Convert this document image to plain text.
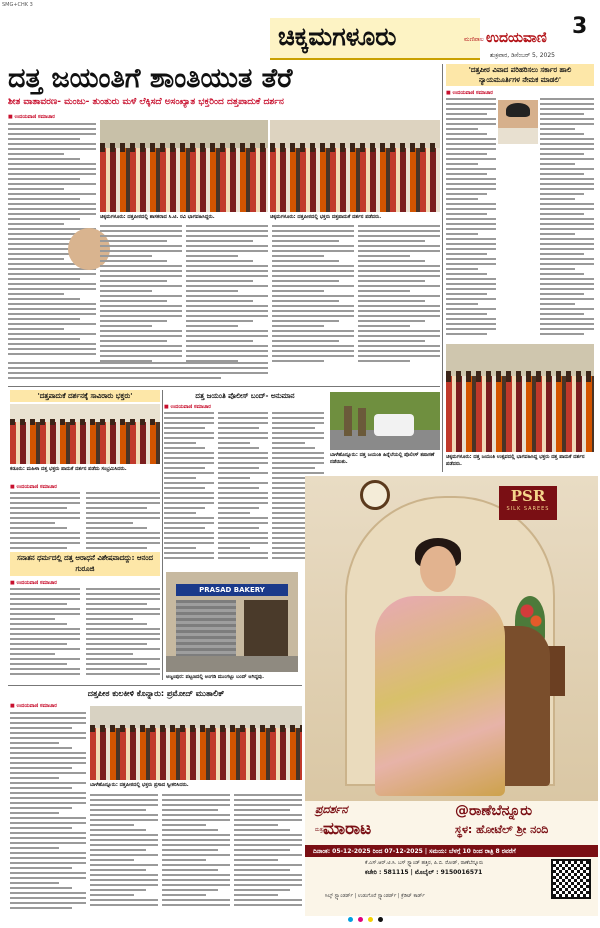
SMG+CHK 3
ಚಿಕ್ಕಮಗಳೂರು	ಮಣಿಪಾಲ ಉದಯವಾಣಿ 3
ಶುಕ್ರವಾರ, ಡಿಸೆಂಬರ್ 5, 2025
ದತ್ತ ಜಯಂತಿಗೆ ಶಾಂತಿಯುತ ತೆರೆ
ಶೀತ ವಾತಾವರಣ- ಮಂಜು- ತುಂತುರು ಮಳೆ ಲೆಕ್ಕಿಸದೆ ಅಸಂಖ್ಯಾತ ಭಕ್ತರಿಂದ ದತ್ತಪಾದುಕೆ ದರ್ಶನ
■ ಉದಯವಾಣಿ ಸಮಾಚಾರ
ಚಿಕ್ಕಮಗಳೂರು: ದತ್ತಪೀಠದಲ್ಲಿ ಶಾಸಕರಾದ ಸಿ.ಟಿ. ರವಿ ಭಾಗವಹಿಸಿದ್ದರು.	ಚಿಕ್ಕಮಗಳೂರು: ದತ್ತಪೀಠದಲ್ಲಿ ಭಕ್ತರು ದತ್ತಪಾದುಕೆ ದರ್ಶನ ಪಡೆದರು.
'ದತ್ತಪೀಠ ವಿವಾದ ಪರಿಹರಿಸಲು ಸರ್ಕಾರ ಹಾಲಿ ನ್ಯಾಯಮೂರ್ತಿಗಳ ನೇಮಕ ಮಾಡಲಿ'
■ ಉದಯವಾಣಿ ಸಮಾಚಾರ
ಚಿಕ್ಕಮಗಳೂರು: ದತ್ತ ಜಯಂತಿ ಉತ್ಸವದಲ್ಲಿ ಭಾಗವಹಿಸಿದ್ದ ಭಕ್ತರು ದತ್ತ ಪಾದುಕೆ ದರ್ಶನ ಪಡೆದರು.
'ದತ್ತಪಾದುಕೆ ದರ್ಶನಕ್ಕೆ ಸಾವಿರಾರು ಭಕ್ತರು'
ಕಡೂರು: ಮಹಿಳಾ ದತ್ತ ಭಕ್ತರು ಪಾದುಕೆ ದರ್ಶನ ಪಡೆದು ಸಂಭ್ರಮಿಸಿದರು.
■ ಉದಯವಾಣಿ ಸಮಾಚಾರ
ದತ್ತ ಜಯಂತಿ ಪೊಲೀಸ್ ಬಂದ್- ಅನುಮಾನ
■ ಉದಯವಾಣಿ ಸಮಾಚಾರ
ಬಾಳೆಹೊನ್ನೂರು: ದತ್ತ ಜಯಂತಿ ಹಿನ್ನೆಲೆಯಲ್ಲಿ ಪೊಲೀಸ್ ತಪಾಸಣೆ ನಡೆಯಿತು.
ಸನಾತನ ಧರ್ಮದಲ್ಲಿ ದತ್ತ ಆರಾಧನೆ ವಿಶೇಷವಾದದ್ದು: ಆನಂದ ಗುರೂಜಿ
■ ಉದಯವಾಣಿ ಸಮಾಚಾರ
PRASAD BAKERY
ಅಜ್ಜಂಪುರ: ಪಟ್ಟಣದಲ್ಲಿ ಅಂಗಡಿ ಮುಂಗಟ್ಟು ಬಂದ್ ಆಗಿದ್ದವು.
ದತ್ತಪೀಠ ಕುಲಕೀಳಿ ಕೊನ್ನಾರು: ಪ್ರಮೋದ್ ಮುತಾಲಿಕ್
■ ಉದಯವಾಣಿ ಸಮಾಚಾರ
ಬಾಳೆಹೊನ್ನೂರು: ದತ್ತಪೀಠದಲ್ಲಿ ಭಕ್ತರು ಪ್ರಸಾದ ಸ್ವೀಕರಿಸಿದರು.
PSR
SILK SAREES
ಪ್ರದರ್ಶನ
ಮತ್ತು
ಮಾರಾಟ
@ರಾಣೆಬೆನ್ನೂರು
ಸ್ಥಳ: ಹೋಟೆಲ್ ಶ್ರೀ ನಂದಿ
ದಿನಾಂಕ: 05-12-2025 ರಿಂದ 07-12-2025 | ಸಮಯ: ಬೆಳಗ್ಗೆ 10 ರಿಂದ ರಾತ್ರಿ 8 ರವರೆಗೆ
ಕೆ.ಎಸ್.ಆರ್.ಟಿ.ಸಿ. ಬಸ್ ಸ್ಟ್ಯಾಂಡ್ ಹತ್ತಿರ, ಪಿ.ಬಿ. ರೋಡ್, ರಾಣೆಬೆನ್ನೂರು
ಕಚೇರಿ : 581115 | ಮೊಬೈಲ್ : 9150016571
ಸಿಲ್ಕ್ ಸ್ಟ್ಯಾಂಡರ್ಡ್ | ಉಡುಗೊರೆ ಸ್ಟ್ಯಾಂಡರ್ಡ್ | ಕ್ರೆಡಿಟ್ ಕಾರ್ಡ್
